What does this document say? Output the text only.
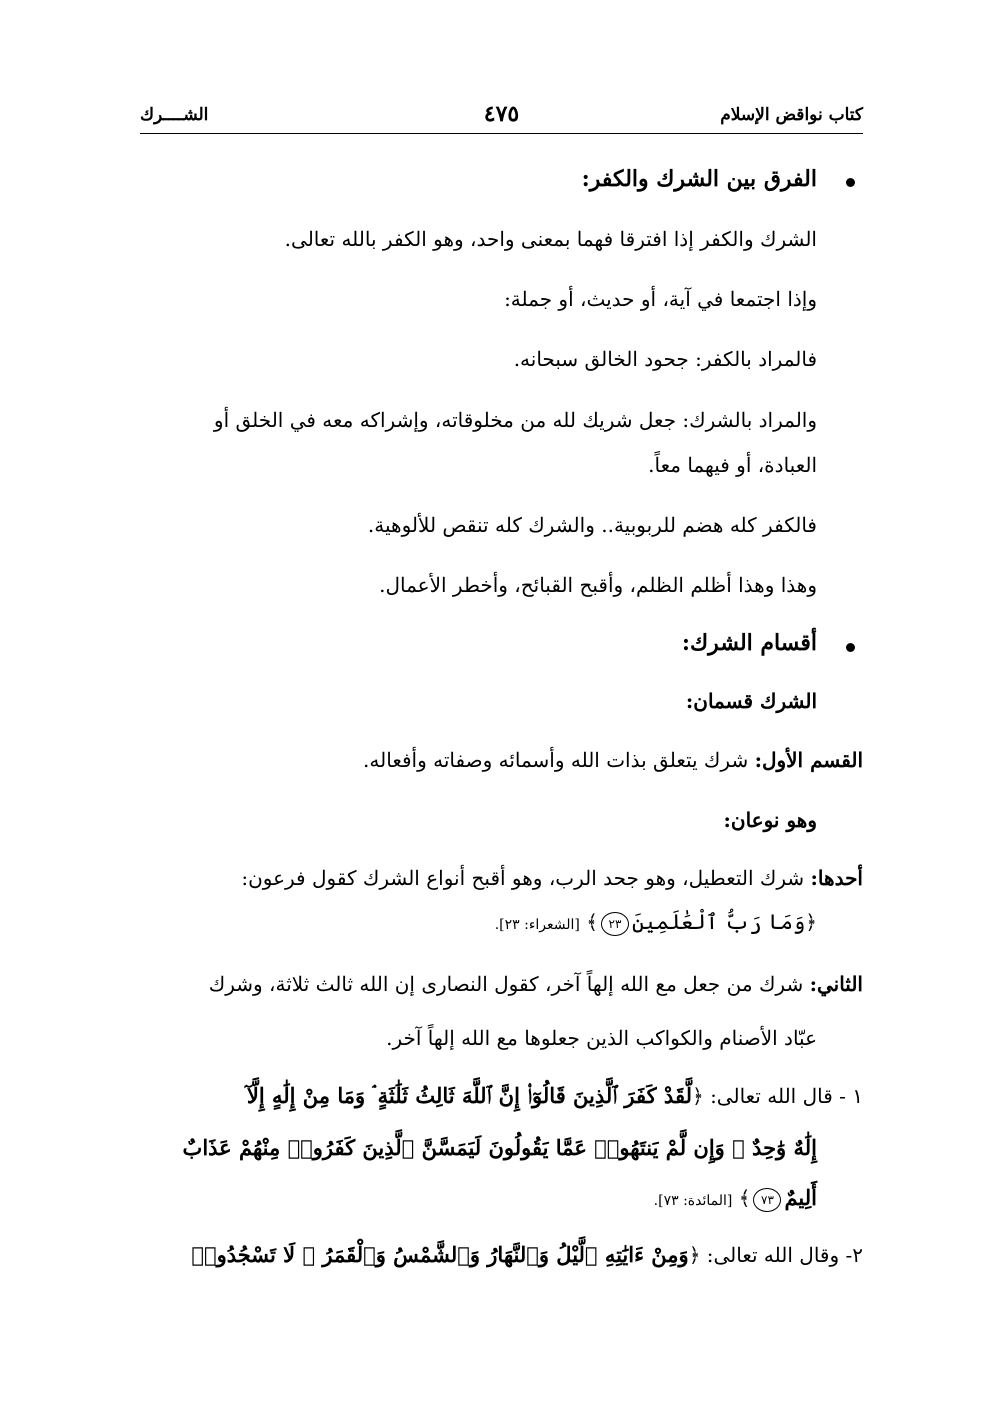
كتاب نواقض الإسلام
٤٧٥
الشــــرك
الفرق بين الشرك والكفر:
الشرك والكفر إذا افترقا فهما بمعنى واحد، وهو الكفر بالله تعالى.
وإذا اجتمعا في آية، أو حديث، أو جملة:
فالمراد بالكفر: جحود الخالق سبحانه.
والمراد بالشرك: جعل شريك لله من مخلوقاته، وإشراكه معه في الخلق أو
العبادة، أو فيهما معاً.
فالكفر كله هضم للربوبية.. والشرك كله تنقص للألوهية.
وهذا وهذا أظلم الظلم، وأقبح القبائح، وأخطر الأعمال.
أقسام الشرك:
الشرك قسمان:
القسم الأول: شرك يتعلق بذات الله وأسمائه وصفاته وأفعاله.
وهو نوعان:
أحدها: شرك التعطيل، وهو جحد الرب، وهو أقبح أنواع الشرك كقول فرعون:
﴿وَمَا رَبُّ ٱلْعَٰلَمِينَ٢٣﴾ [الشعراء: ٢٣].
الثاني: شرك من جعل مع الله إلهاً آخر، كقول النصارى إن الله ثالث ثلاثة، وشرك
عبّاد الأصنام والكواكب الذين جعلوها مع الله إلهاً آخر.
١ - قال الله تعالى: ﴿لَّقَدْ كَفَرَ ٱلَّذِينَ قَالُوٓا۟ إِنَّ ٱللَّهَ ثَالِثُ ثَلَٰثَةٍ ۘ وَمَا مِنْ إِلَٰهٍ إِلَّآ
إِلَٰهٌ وَٰحِدٌ ۚ وَإِن لَّمْ يَنتَهُوا۟ عَمَّا يَقُولُونَ لَيَمَسَّنَّ ٱلَّذِينَ كَفَرُوا۟ مِنْهُمْ عَذَابٌ
أَلِيمٌ٧٣﴾ [المائدة: ٧٣].
٢- وقال الله تعالى: ﴿وَمِنْ ءَايَٰتِهِ ٱلَّيْلُ وَٱلنَّهَارُ وَٱلشَّمْسُ وَٱلْقَمَرُ ۚ لَا تَسْجُدُوا۟
